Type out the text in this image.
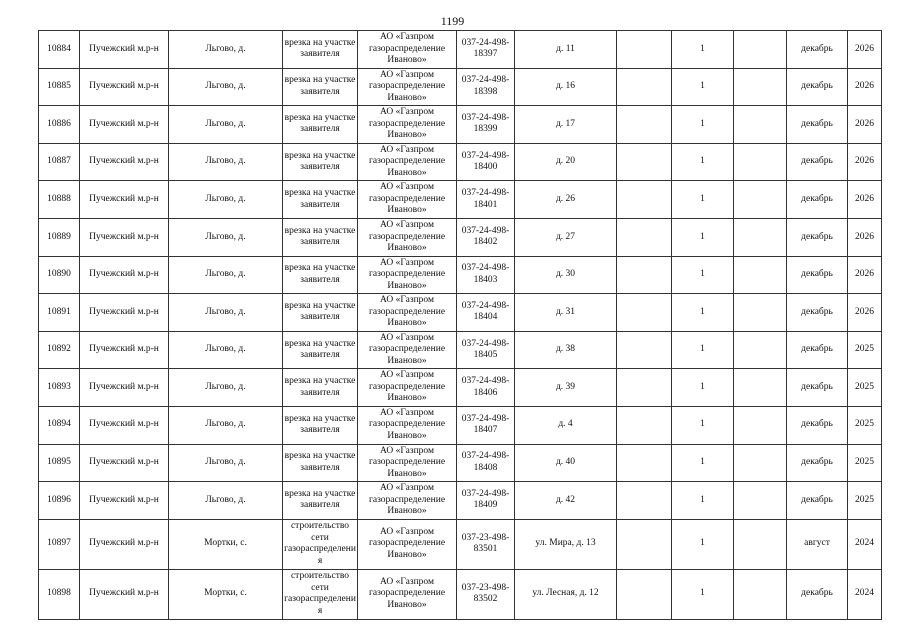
1199
10884	Пучежский м.р-н	Льгово, д.	врезка на участке заявителя	АО «Газпром газораспределение Иваново»	037-24-498-18397	д. 11		1		декабрь	2026
10885	Пучежский м.р-н	Льгово, д.	врезка на участке заявителя	АО «Газпром газораспределение Иваново»	037-24-498-18398	д. 16		1		декабрь	2026
10886	Пучежский м.р-н	Льгово, д.	врезка на участке заявителя	АО «Газпром газораспределение Иваново»	037-24-498-18399	д. 17		1		декабрь	2026
10887	Пучежский м.р-н	Льгово, д.	врезка на участке заявителя	АО «Газпром газораспределение Иваново»	037-24-498-18400	д. 20		1		декабрь	2026
10888	Пучежский м.р-н	Льгово, д.	врезка на участке заявителя	АО «Газпром газораспределение Иваново»	037-24-498-18401	д. 26		1		декабрь	2026
10889	Пучежский м.р-н	Льгово, д.	врезка на участке заявителя	АО «Газпром газораспределение Иваново»	037-24-498-18402	д. 27		1		декабрь	2026
10890	Пучежский м.р-н	Льгово, д.	врезка на участке заявителя	АО «Газпром газораспределение Иваново»	037-24-498-18403	д. 30		1		декабрь	2026
10891	Пучежский м.р-н	Льгово, д.	врезка на участке заявителя	АО «Газпром газораспределение Иваново»	037-24-498-18404	д. 31		1		декабрь	2026
10892	Пучежский м.р-н	Льгово, д.	врезка на участке заявителя	АО «Газпром газораспределение Иваново»	037-24-498-18405	д. 38		1		декабрь	2025
10893	Пучежский м.р-н	Льгово, д.	врезка на участке заявителя	АО «Газпром газораспределение Иваново»	037-24-498-18406	д. 39		1		декабрь	2025
10894	Пучежский м.р-н	Льгово, д.	врезка на участке заявителя	АО «Газпром газораспределение Иваново»	037-24-498-18407	д. 4		1		декабрь	2025
10895	Пучежский м.р-н	Льгово, д.	врезка на участке заявителя	АО «Газпром газораспределение Иваново»	037-24-498-18408	д. 40		1		декабрь	2025
10896	Пучежский м.р-н	Льгово, д.	врезка на участке заявителя	АО «Газпром газораспределение Иваново»	037-24-498-18409	д. 42		1		декабрь	2025
10897	Пучежский м.р-н	Мортки, с.	строительство сети газораспределения	АО «Газпром газораспределение Иваново»	037-23-498-83501	ул. Мира, д. 13		1		август	2024
10898	Пучежский м.р-н	Мортки, с.	строительство сети газораспределения	АО «Газпром газораспределение Иваново»	037-23-498-83502	ул. Лесная, д. 12		1		декабрь	2024
